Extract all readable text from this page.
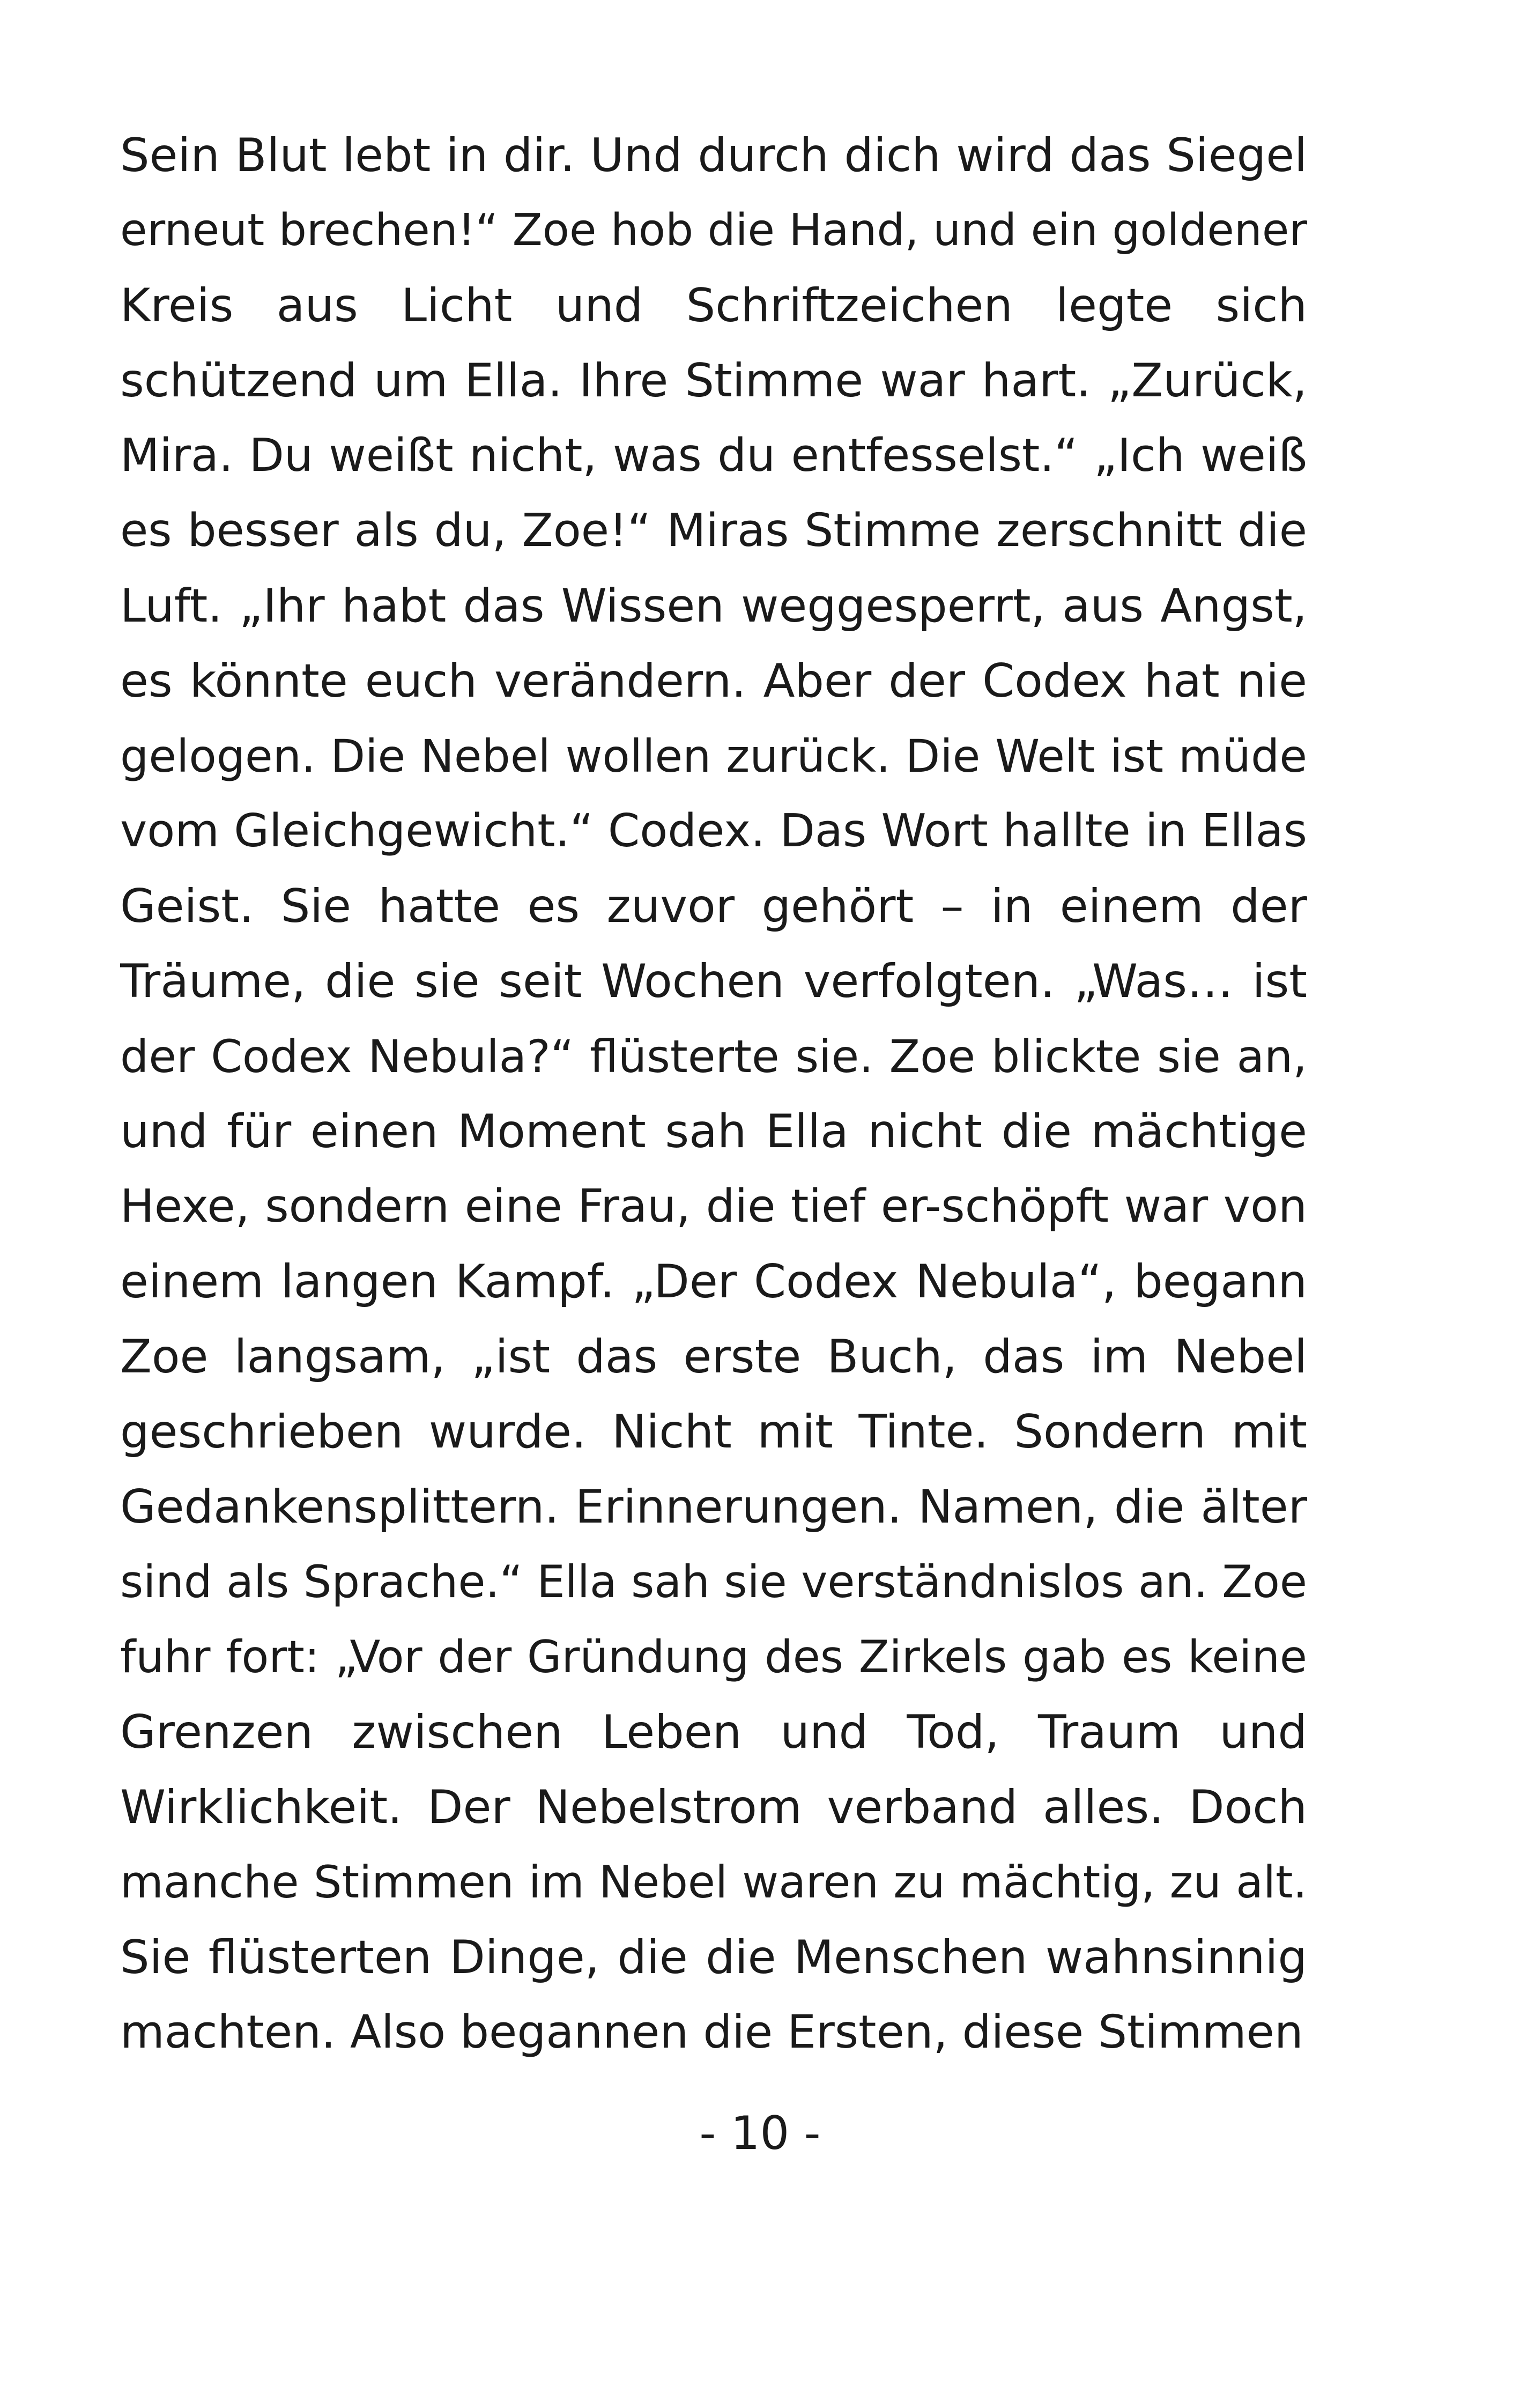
Sein Blut lebt in dir. Und durch dich wird das Siegel
erneut brechen!“ Zoe hob die Hand, und ein goldener
Kreis aus Licht und Schriftzeichen legte sich
schützend um Ella. Ihre Stimme war hart. „Zurück,
Mira. Du weißt nicht, was du entfesselst.“ „Ich weiß
es besser als du, Zoe!“ Miras Stimme zerschnitt die
Luft. „Ihr habt das Wissen weggesperrt, aus Angst,
es könnte euch verändern. Aber der Codex hat nie
gelogen. Die Nebel wollen zurück. Die Welt ist müde
vom Gleichgewicht.“ Codex. Das Wort hallte in Ellas
Geist. Sie hatte es zuvor gehört – in einem der
Träume, die sie seit Wochen verfolgten. „Was… ist
der Codex Nebula?“ flüsterte sie. Zoe blickte sie an,
und für einen Moment sah Ella nicht die mächtige
Hexe, sondern eine Frau, die tief er-schöpft war von
einem langen Kampf. „Der Codex Nebula“, begann
Zoe langsam, „ist das erste Buch, das im Nebel
geschrieben wurde. Nicht mit Tinte. Sondern mit
Gedankensplittern. Erinnerungen. Namen, die älter
sind als Sprache.“ Ella sah sie verständnislos an. Zoe
fuhr fort: „Vor der Gründung des Zirkels gab es keine
Grenzen zwischen Leben und Tod, Traum und
Wirklichkeit. Der Nebelstrom verband alles. Doch
manche Stimmen im Nebel waren zu mächtig, zu alt.
Sie flüsterten Dinge, die die Menschen wahnsinnig
machten. Also begannen die Ersten, diese Stimmen
- 10 -
